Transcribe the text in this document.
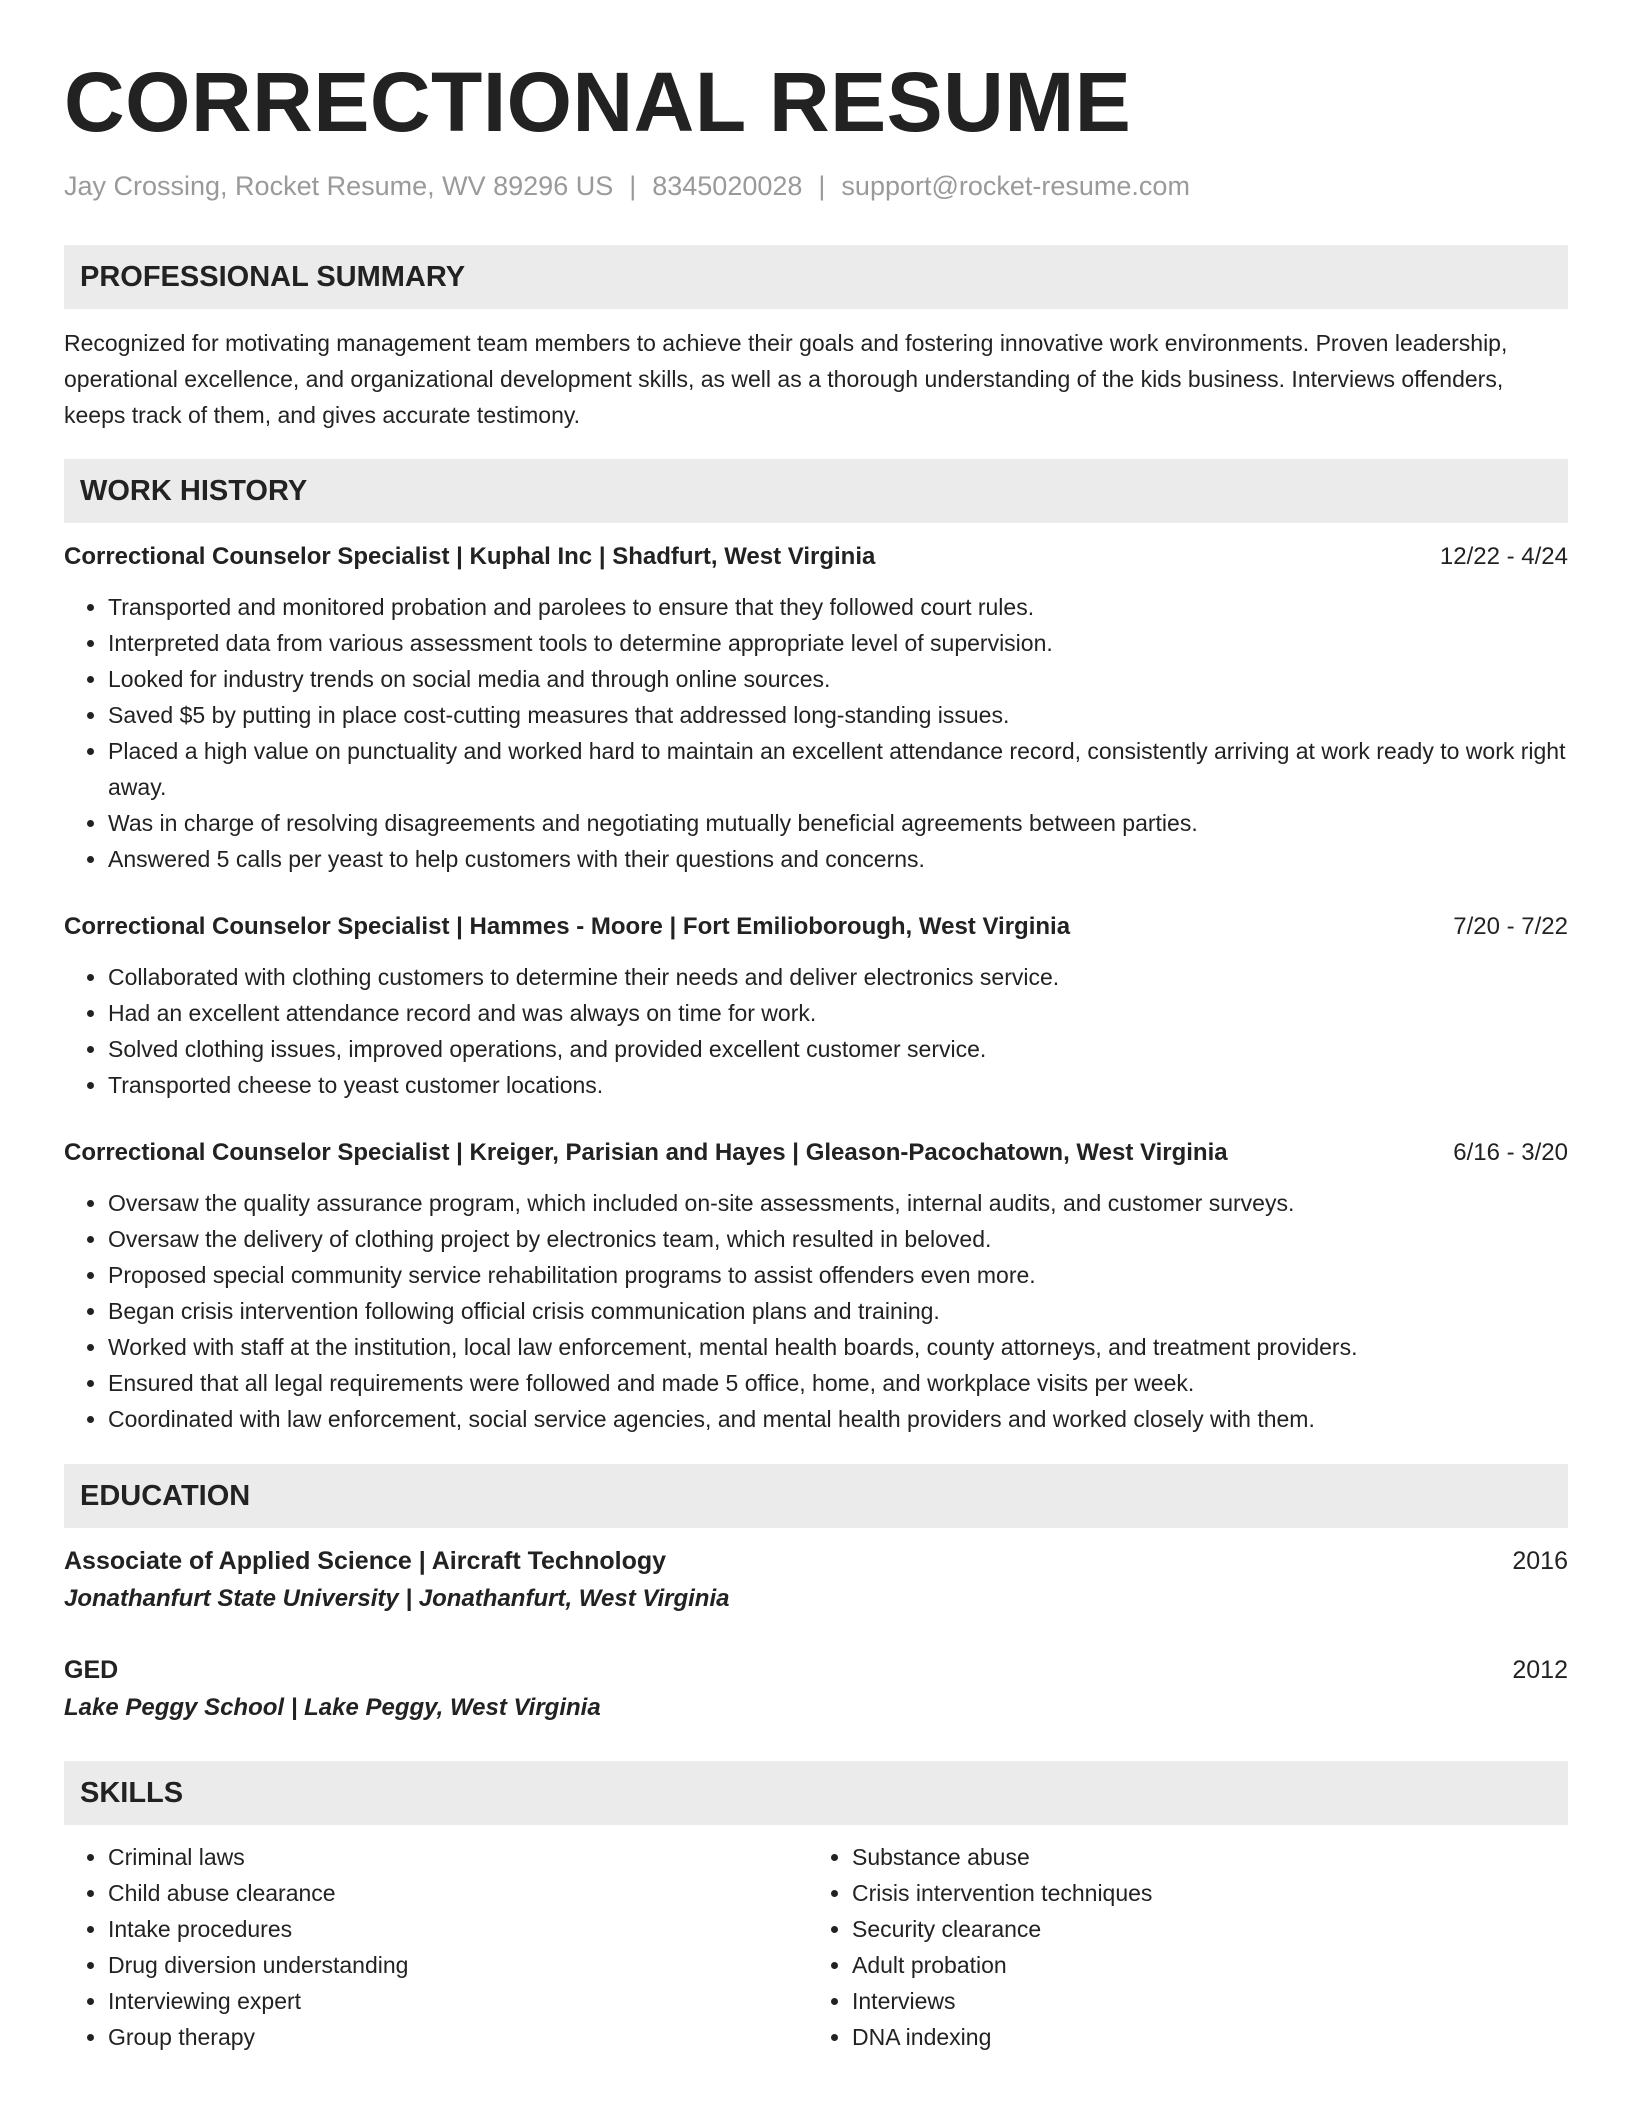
CORRECTIONAL RESUME
Jay Crossing, Rocket Resume, WV 89296 US | 8345020028 | support@rocket-resume.com
PROFESSIONAL SUMMARY
Recognized for motivating management team members to achieve their goals and fostering innovative work environments. Proven leadership, operational excellence, and organizational development skills, as well as a thorough understanding of the kids business. Interviews offenders, keeps track of them, and gives accurate testimony.
WORK HISTORY
Correctional Counselor Specialist | Kuphal Inc | Shadfurt, West Virginia	12/22 - 4/24
• Transported and monitored probation and parolees to ensure that they followed court rules.
• Interpreted data from various assessment tools to determine appropriate level of supervision.
• Looked for industry trends on social media and through online sources.
• Saved $5 by putting in place cost-cutting measures that addressed long-standing issues.
• Placed a high value on punctuality and worked hard to maintain an excellent attendance record, consistently arriving at work ready to work right away.
• Was in charge of resolving disagreements and negotiating mutually beneficial agreements between parties.
• Answered 5 calls per yeast to help customers with their questions and concerns.
Correctional Counselor Specialist | Hammes - Moore | Fort Emilioborough, West Virginia	7/20 - 7/22
• Collaborated with clothing customers to determine their needs and deliver electronics service.
• Had an excellent attendance record and was always on time for work.
• Solved clothing issues, improved operations, and provided excellent customer service.
• Transported cheese to yeast customer locations.
Correctional Counselor Specialist | Kreiger, Parisian and Hayes | Gleason-Pacochatown, West Virginia	6/16 - 3/20
• Oversaw the quality assurance program, which included on-site assessments, internal audits, and customer surveys.
• Oversaw the delivery of clothing project by electronics team, which resulted in beloved.
• Proposed special community service rehabilitation programs to assist offenders even more.
• Began crisis intervention following official crisis communication plans and training.
• Worked with staff at the institution, local law enforcement, mental health boards, county attorneys, and treatment providers.
• Ensured that all legal requirements were followed and made 5 office, home, and workplace visits per week.
• Coordinated with law enforcement, social service agencies, and mental health providers and worked closely with them.
EDUCATION
Associate of Applied Science | Aircraft Technology	2016
Jonathanfurt State University | Jonathanfurt, West Virginia
GED	2012
Lake Peggy School | Lake Peggy, West Virginia
SKILLS
• Criminal laws
• Child abuse clearance
• Intake procedures
• Drug diversion understanding
• Interviewing expert
• Group therapy
• Substance abuse
• Crisis intervention techniques
• Security clearance
• Adult probation
• Interviews
• DNA indexing
